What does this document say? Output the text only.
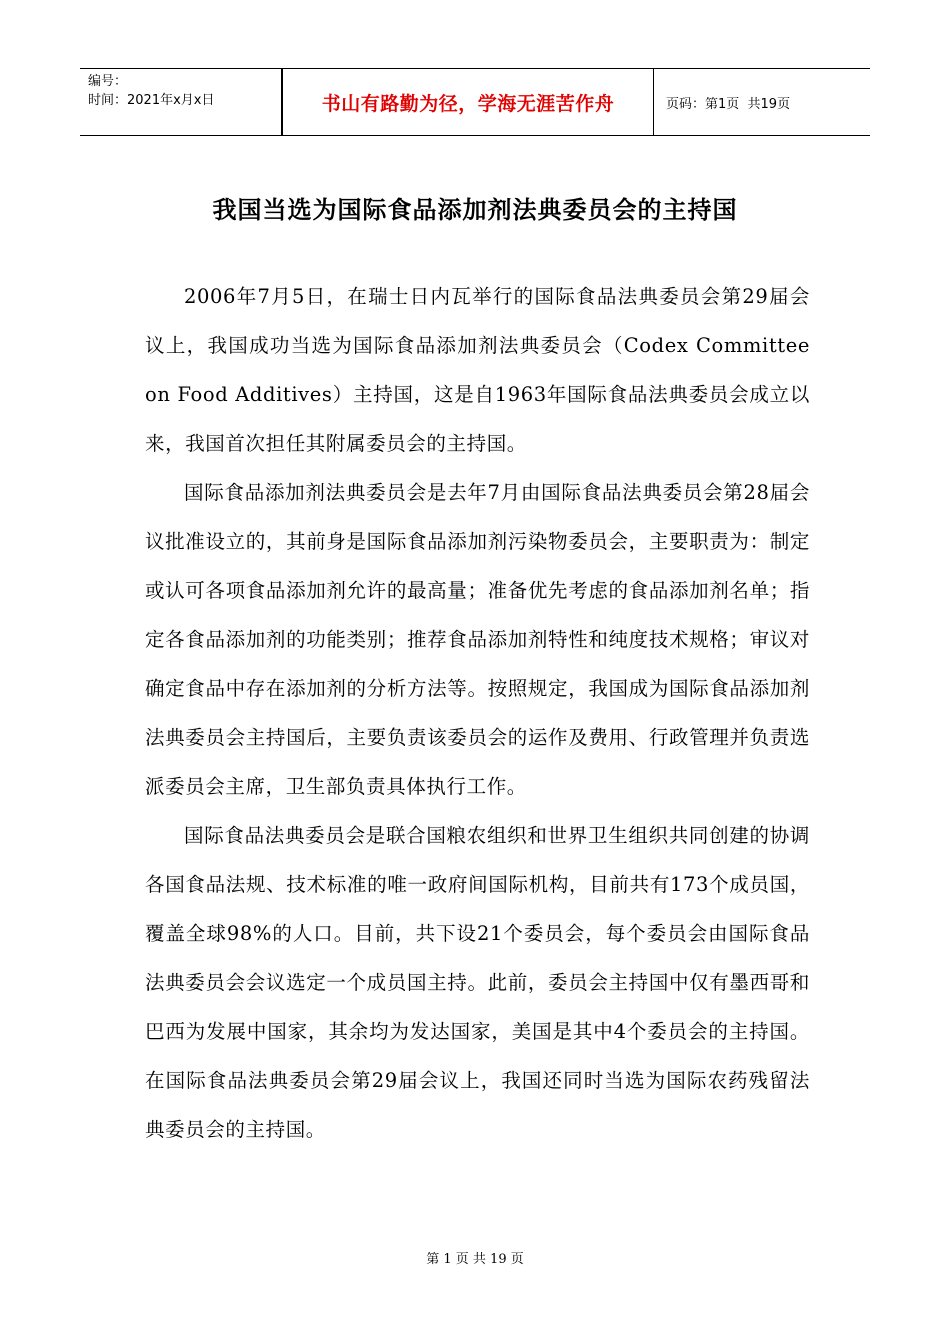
编号：
时间：2021年x月x日	书山有路勤为径，学海无涯苦作舟	页码：第1页  共19页
我国当选为国际食品添加剂法典委员会的主持国

2006年7月5日，在瑞士日内瓦举行的国际食品法典委员会第29届会议上，我国成功当选为国际食品添加剂法典委员会（Codex Committee on Food Additives）主持国，这是自1963年国际食品法典委员会成立以来，我国首次担任其附属委员会的主持国。

国际食品添加剂法典委员会是去年7月由国际食品法典委员会第28届会议批准设立的，其前身是国际食品添加剂污染物委员会，主要职责为：制定或认可各项食品添加剂允许的最高量；准备优先考虑的食品添加剂名单；指定各食品添加剂的功能类别；推荐食品添加剂特性和纯度技术规格；审议对确定食品中存在添加剂的分析方法等。按照规定，我国成为国际食品添加剂法典委员会主持国后，主要负责该委员会的运作及费用、行政管理并负责选派委员会主席，卫生部负责具体执行工作。

国际食品法典委员会是联合国粮农组织和世界卫生组织共同创建的协调各国食品法规、技术标准的唯一政府间国际机构，目前共有173个成员国，覆盖全球98%的人口。目前，共下设21个委员会，每个委员会由国际食品法典委员会会议选定一个成员国主持。此前，委员会主持国中仅有墨西哥和巴西为发展中国家，其余均为发达国家，美国是其中4个委员会的主持国。在国际食品法典委员会第29届会议上，我国还同时当选为国际农药残留法典委员会的主持国。

第 1 页 共 19 页
